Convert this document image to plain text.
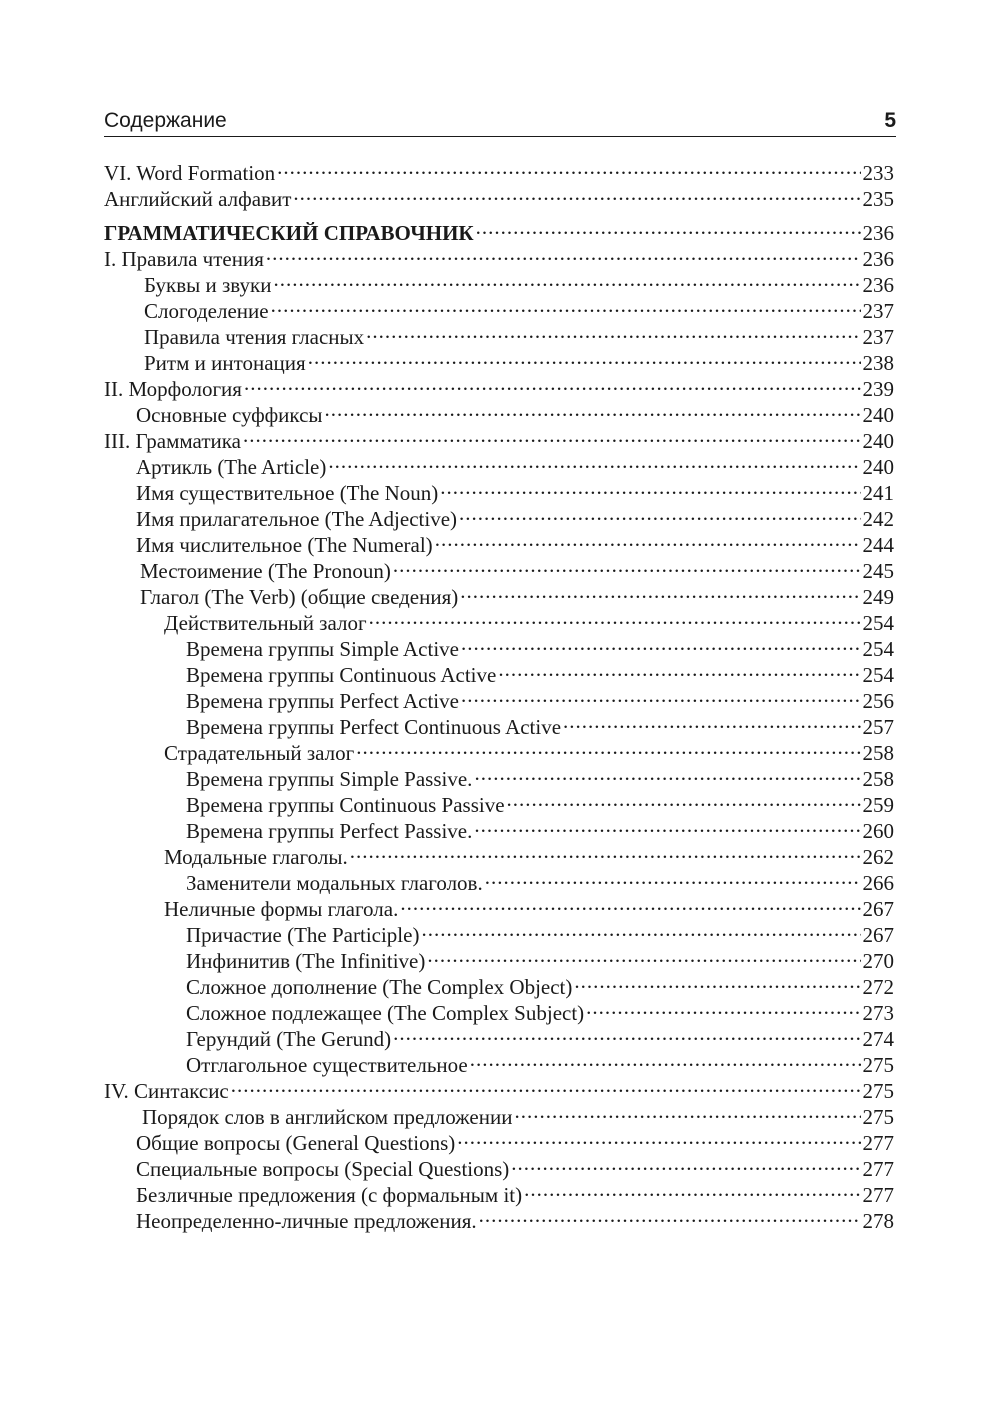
Содержание	5
VI. Word Formation .....	233
Английский алфавит .....	235
ГРАММАТИЧЕСКИЙ СПРАВОЧНИК .....	236
I. Правила чтения .....	236
Буквы и звуки .....	236
Слогоделение .....	237
Правила чтения гласных .....	237
Ритм и интонация .....	238
II. Морфология .....	239
Основные суффиксы .....	240
III. Грамматика .....	240
Артикль (The Article) .....	240
Имя существительное (The Noun) .....	241
Имя прилагательное (The Adjective) .....	242
Имя числительное (The Numeral) .....	244
Местоимение (The Pronoun) .....	245
Глагол (The Verb) (общие сведения) .....	249
Действительный залог .....	254
Времена группы Simple Active .....	254
Времена группы Continuous Active .....	254
Времена группы Perfect Active .....	256
Времена группы Perfect Continuous Active .....	257
Страдательный залог .....	258
Времена группы Simple Passive. .....	258
Времена группы Continuous Passive .....	259
Времена группы Perfect Passive. .....	260
Модальные глаголы. .....	262
Заменители модальных глаголов. .....	266
Неличные формы глагола. .....	267
Причастие (The Participle) .....	267
Инфинитив (The Infinitive) .....	270
Сложное дополнение (The Complex Object) .....	272
Сложное подлежащее (The Complex Subject) .....	273
Герундий (The Gerund) .....	274
Отглагольное существительное .....	275
IV. Синтаксис .....	275
Порядок слов в английском предложении .....	275
Общие вопросы (General Questions) .....	277
Специальные вопросы (Special Questions) .....	277
Безличные предложения (с формальным it) .....	277
Неопределенно-личные предложения. .....	278
